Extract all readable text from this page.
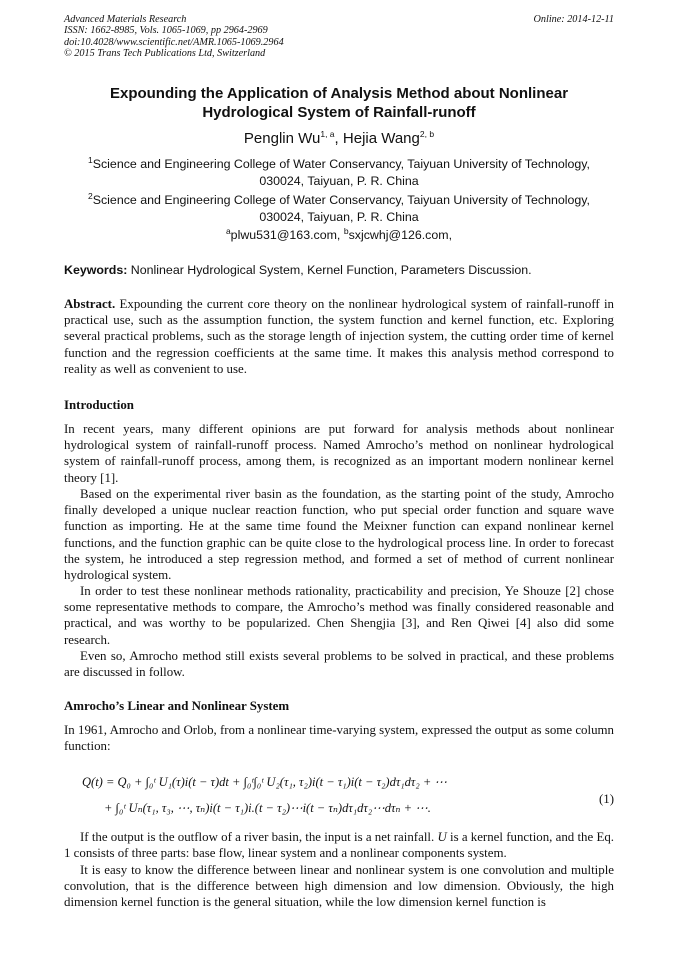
Advanced Materials Research
ISSN: 1662-8985, Vols. 1065-1069, pp 2964-2969
doi:10.4028/www.scientific.net/AMR.1065-1069.2964
© 2015 Trans Tech Publications Ltd, Switzerland
Online: 2014-12-11
Expounding the Application of Analysis Method about Nonlinear
Hydrological System of Rainfall-runoff
Penglin Wu$^{1, a}$, Hejia Wang$^{2, b}$
$^1$Science and Engineering College of Water Conservancy, Taiyuan University of Technology,
030024, Taiyuan, P. R. China
$^2$Science and Engineering College of Water Conservancy, Taiyuan University of Technology,
030024, Taiyuan, P. R. China
$^a$plwu531@163.com, $^b$sxjcwhj@126.com,
Keywords: Nonlinear Hydrological System, Kernel Function, Parameters Discussion.

Abstract. Expounding the current core theory on the nonlinear hydrological system of rainfall-runoff in practical use, such as the assumption function, the system function and kernel function, etc. Exploring several practical problems, such as the storage length of injection system, the cutting order time of kernel function and the regression coefficients at the same time. It makes this analysis method correspond to reality as well as convenient to use.

Introduction

In recent years, many different opinions are put forward for analysis methods about nonlinear hydrological system of rainfall-runoff process. Named Amrocho’s method on nonlinear hydrological system of rainfall-runoff process, among them, is recognized as an important modern nonlinear kernel theory [1].

Based on the experimental river basin as the foundation, as the starting point of the study, Amrocho finally developed a unique nuclear reaction function, who put special order function and square wave function as importing. He at the same time found the Meixner function can expand nonlinear kernel functions, and the function graphic can be quite close to the hydrological process line. In order to forecast the system, he introduced a step regression method, and formed a set of method of current nonlinear hydrological system.

In order to test these nonlinear methods rationality, practicability and precision, Ye Shouze [2] chose some representative methods to compare, the Amrocho’s method was finally considered reasonable and practical, and was worthy to be popularized. Chen Shengjia [3], and Ren Qiwei [4] also did some research.

Even so, Amrocho method still exists several problems to be solved in practical, and these problems are discussed in follow.

Amrocho’s Linear and Nonlinear System

In 1961, Amrocho and Orlob, from a nonlinear time-varying system, expressed the output as some column function:

Q(t) = Q₀ + ∫₀ᵗ U₁(τ)i(t − τ)dt + ∫₀ᵗ∫₀ᵗ U₂(τ₁, τ₂)i(t − τ₁)i(t − τ₂)dτ₁dτ₂ + ⋯
+ ∫₀ᵗ Uₙ(τ₁, τ₃, ⋯, τₙ)i(t − τ₁)i.(t − τ₂)⋯i(t − τₙ)dτ₁dτ₂⋯dτₙ + ⋯.
(1)

If the output is the outflow of a river basin, the input is a net rainfall. U is a kernel function, and the Eq. 1 consists of three parts: base flow, linear system and a nonlinear components system.

It is easy to know the difference between linear and nonlinear system is one convolution and multiple convolution, that is the difference between high dimension and low dimension. Obviously, the high dimension kernel function is the general situation, while the low dimension kernel function is
